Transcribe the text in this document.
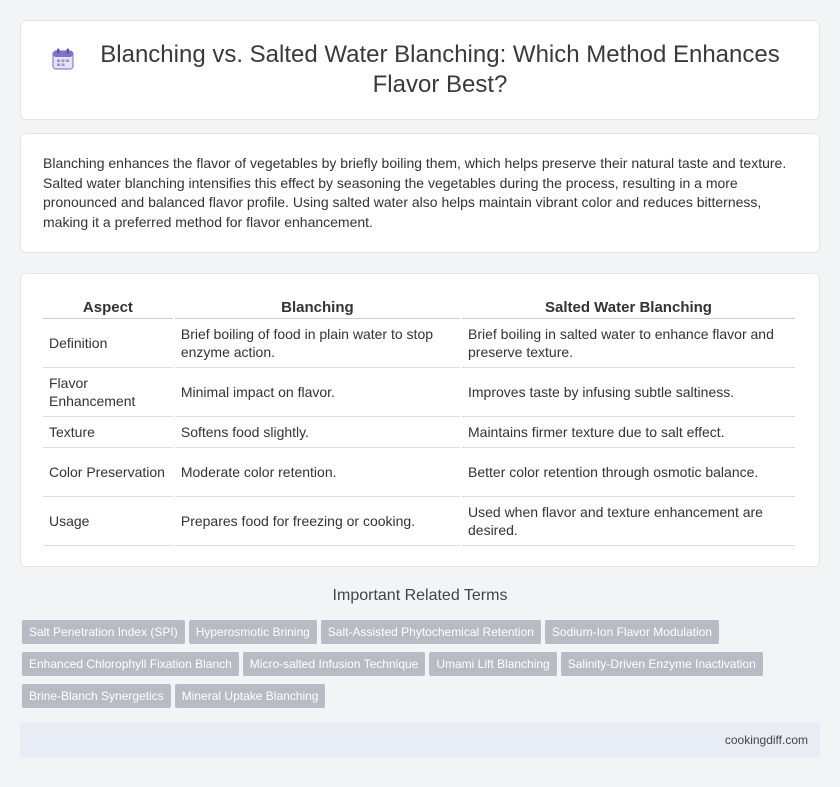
Blanching vs. Salted Water Blanching: Which Method Enhances Flavor Best?

Blanching enhances the flavor of vegetables by briefly boiling them, which helps preserve their natural taste and texture. Salted water blanching intensifies this effect by seasoning the vegetables during the process, resulting in a more pronounced and balanced flavor profile. Using salted water also helps maintain vibrant color and reduces bitterness, making it a preferred method for flavor enhancement.

Aspect	Blanching	Salted Water Blanching
Definition	Brief boiling of food in plain water to stop enzyme action.	Brief boiling in salted water to enhance flavor and preserve texture.
Flavor Enhancement	Minimal impact on flavor.	Improves taste by infusing subtle saltiness.
Texture	Softens food slightly.	Maintains firmer texture due to salt effect.
Color Preservation	Moderate color retention.	Better color retention through osmotic balance.
Usage	Prepares food for freezing or cooking.	Used when flavor and texture enhancement are desired.
Important Related Terms
Salt Penetration Index (SPI) Hyperosmotic Brining Salt-Assisted Phytochemical Retention Sodium-Ion Flavor ModulationEnhanced Chlorophyll Fixation Blanch Micro-salted Infusion Technique Umami Lift Blanching Salinity-Driven Enzyme InactivationBrine-Blanch Synergetics Mineral Uptake Blanching
cookingdiff.com
